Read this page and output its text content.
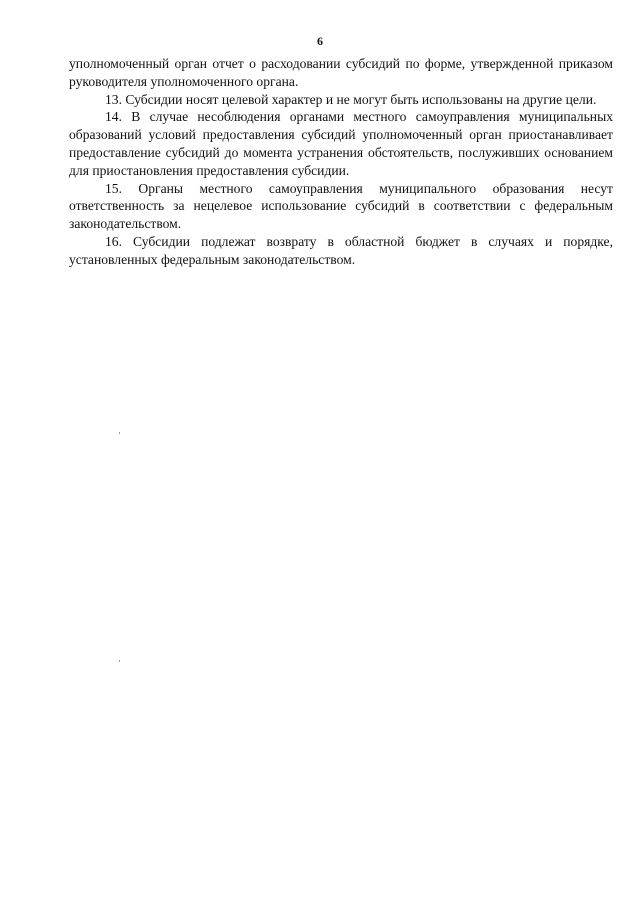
6

уполномоченный орган отчет о расходовании субсидий по форме, утвержденной приказом руководителя уполномоченного органа.

13. Субсидии носят целевой характер и не могут быть использованы на другие цели.

14. В случае несоблюдения органами местного самоуправления муниципальных образований условий предоставления субсидий уполномоченный орган приостанавливает предоставление субсидий до момента устранения обстоятельств, послуживших основанием для приостановления предоставления субсидии.

15. Органы местного самоуправления муниципального образования несут ответственность за нецелевое использование субсидий в соответствии с федеральным законодательством.

16. Субсидии подлежат возврату в областной бюджет в случаях и порядке, установленных федеральным законодательством.
